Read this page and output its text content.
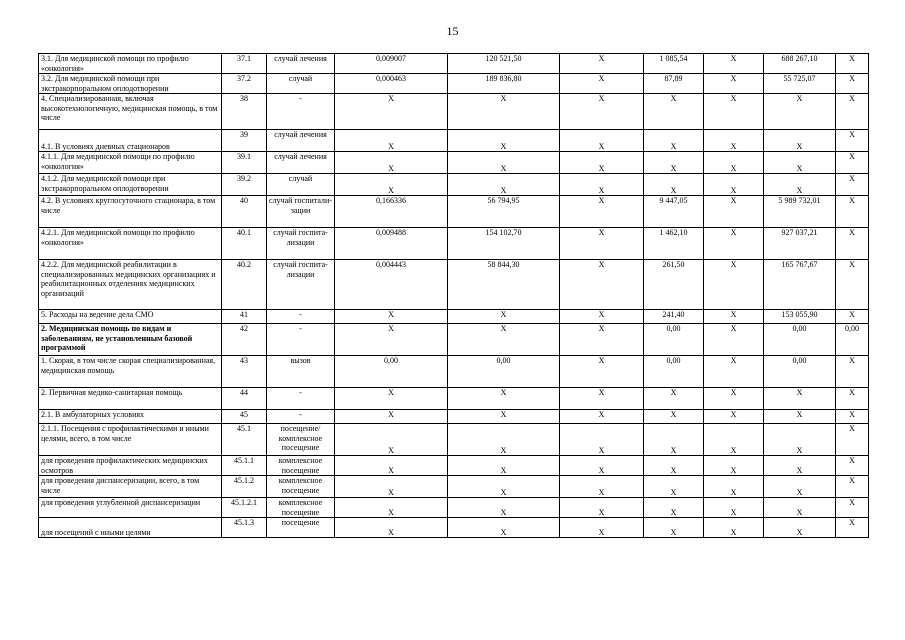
15
3.1. Для медицинской помощи по профилю «онкология»	37.1	случай лечения	0,009007	120 521,50	X	1 085,54	X	688 267,10	X
3.2. Для медицинской помощи при экстракорпоральном оплодотворении	37.2	случай	0,000463	189 836,80	X	87,89	X	55 725,07	X
4. Специализированная, включая высокотехнологичную, медицинская помощь, в том числе	38	-	X	X	X	X	X	X	X
4.1. В условиях дневных стационаров	39	случай лечения	X	X	X	X	X	X	X
4.1.1. Для медицинской помощи по профилю «онкология»	39.1	случай лечения	X	X	X	X	X	X	X
4.1.2. Для медицинской помощи при экстракорпоральном оплодотворении	39.2	случай	X	X	X	X	X	X	X
4.2. В условиях круглосуточного стационара, в том числе	40	случай госпитали-зации	0,166336	56 794,95	X	9 447,05	X	5 989 732,01	X
4.2.1. Для медицинской помощи по профилю «онкология»	40.1	случай госпита-лизации	0,009488	154 102,70	X	1 462,10	X	927 037,21	X
4.2.2. Для медицинской реабилитации в специализированных медицинских организациях и реабилитационных отделениях медицинских организаций	40.2	случай госпита-лизации	0,004443	58 844,30	X	261,50	X	165 767,67	X
5. Расходы на ведение дела СМО	41	-	X	X	X	241,40	X	153 055,90	X
2. Медицинская помощь по видам и заболеваниям, не установленным базовой программой	42	-	X	X	X	0,00	X	0,00	0,00
1. Скорая, в том числе скорая специализированная, медицинская помощь	43	вызов	0,00	0,00	X	0,00	X	0,00	X
2. Первичная медико-санитарная помощь	44	-	X	X	X	X	X	X	X
2.1. В амбулаторных условиях	45	-	X	X	X	X	X	X	X
2.1.1. Посещения с профилактическими и иными целями, всего, в том числе	45.1	посещение/ комплексное посещение	X	X	X	X	X	X	X
для проведения профилактических медицинских осмотров	45.1.1	комплексное посещение	X	X	X	X	X	X	X
для проведения диспансеризации, всего, в том числе	45.1.2	комплексное посещение	X	X	X	X	X	X	X
для проведения углубленной диспансеризации	45.1.2.1	комплексное посещение	X	X	X	X	X	X	X
для посещений с иными целями	45.1.3	посещение	X	X	X	X	X	X	X
